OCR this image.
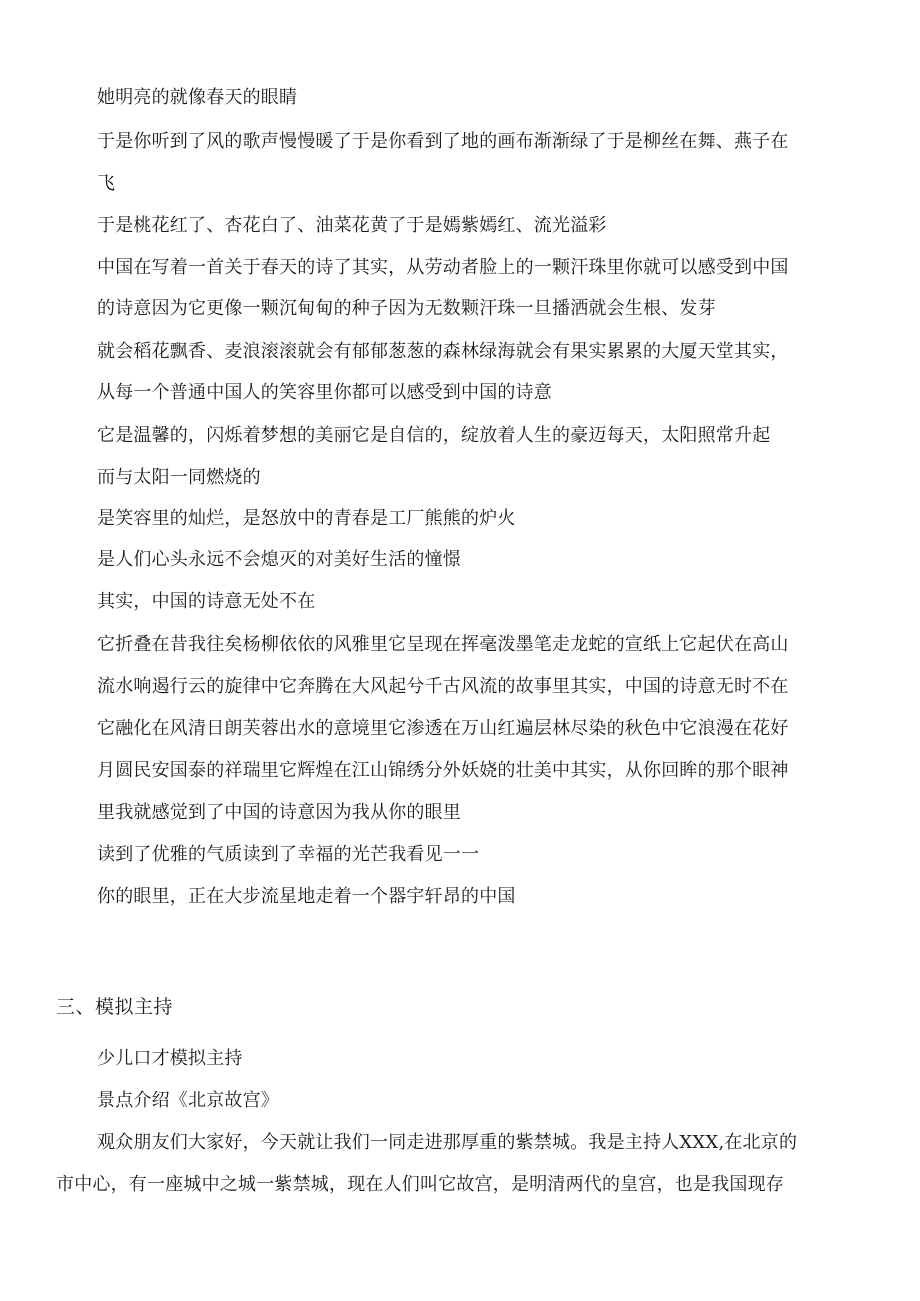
她明亮的就像春天的眼睛
于是你听到了风的歌声慢慢暖了于是你看到了地的画布渐渐绿了于是柳丝在舞、燕子在
飞
于是桃花红了、杏花白了、油菜花黄了于是嫣紫嫣红、流光溢彩
中国在写着一首关于春天的诗了其实，从劳动者脸上的一颗汗珠里你就可以感受到中国
的诗意因为它更像一颗沉甸甸的种子因为无数颗汗珠一旦播洒就会生根、发芽
就会稻花飘香、麦浪滚滚就会有郁郁葱葱的森林绿海就会有果实累累的大厦天堂其实，
从每一个普通中国人的笑容里你都可以感受到中国的诗意
它是温馨的，闪烁着梦想的美丽它是自信的，绽放着人生的豪迈每天，太阳照常升起
而与太阳一同燃烧的
是笑容里的灿烂，是怒放中的青春是工厂熊熊的炉火
是人们心头永远不会熄灭的对美好生活的憧憬
其实，中国的诗意无处不在
它折叠在昔我往矣杨柳依依的风雅里它呈现在挥毫泼墨笔走龙蛇的宣纸上它起伏在高山
流水响遏行云的旋律中它奔腾在大风起兮千古风流的故事里其实，中国的诗意无时不在
它融化在风清日朗芙蓉出水的意境里它渗透在万山红遍层林尽染的秋色中它浪漫在花好
月圆民安国泰的祥瑞里它辉煌在江山锦绣分外妖娆的壮美中其实，从你回眸的那个眼神
里我就感觉到了中国的诗意因为我从你的眼里
读到了优雅的气质读到了幸福的光芒我看见一一
你的眼里，正在大步流星地走着一个器宇轩昂的中国
三、模拟主持
少儿口才模拟主持
景点介绍《北京故宫》
观众朋友们大家好，今天就让我们一同走进那厚重的紫禁城。我是主持人XXX,在北京的
市中心，有一座城中之城一紫禁城，现在人们叫它故宫，是明清两代的皇宫，也是我国现存
